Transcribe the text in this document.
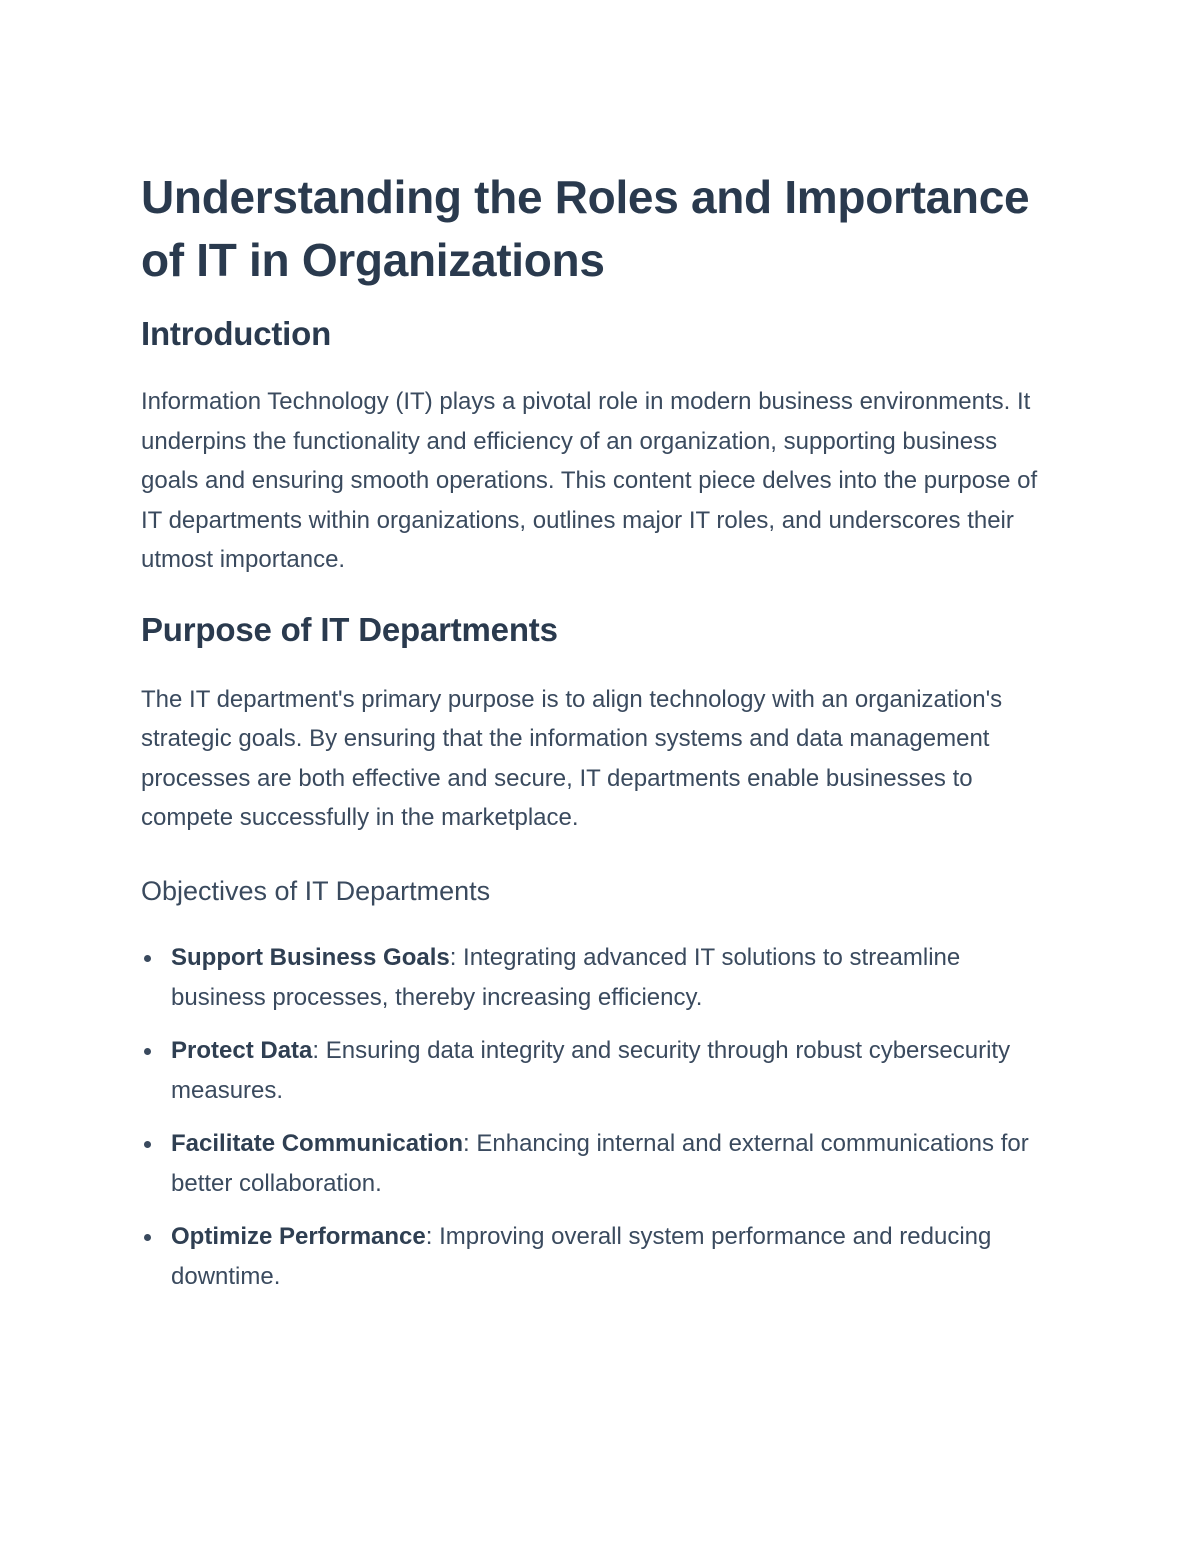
Understanding the Roles and Importance of IT in Organizations
Introduction

Information Technology (IT) plays a pivotal role in modern business environments. It underpins the functionality and efficiency of an organization, supporting business goals and ensuring smooth operations. This content piece delves into the purpose of IT departments within organizations, outlines major IT roles, and underscores their utmost importance.

Purpose of IT Departments

The IT department's primary purpose is to align technology with an organization's strategic goals. By ensuring that the information systems and data management processes are both effective and secure, IT departments enable businesses to compete successfully in the marketplace.

Objectives of IT Departments
Support Business Goals: Integrating advanced IT solutions to streamline business processes, thereby increasing efficiency.
Protect Data: Ensuring data integrity and security through robust cybersecurity measures.
Facilitate Communication: Enhancing internal and external communications for better collaboration.
Optimize Performance: Improving overall system performance and reducing downtime.
